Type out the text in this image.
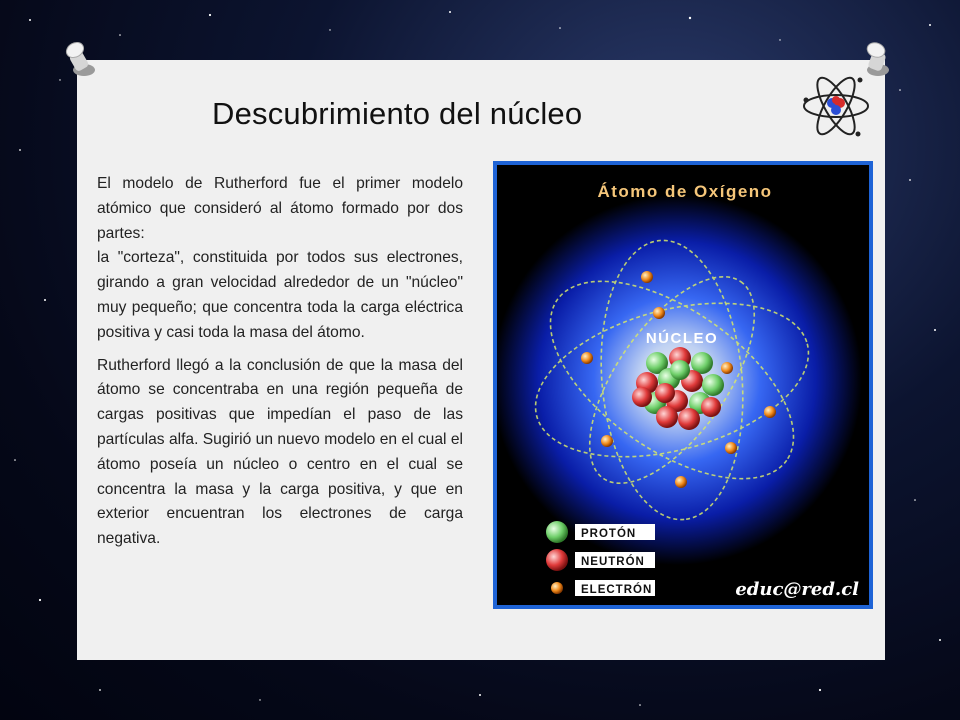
Descubrimiento del núcleo

El modelo de Rutherford fue el primer modelo atómico que consideró al átomo formado por dos partes:

la "corteza", constituida por todos sus electrones, girando a gran velocidad alrededor de un "núcleo" muy pequeño; que concentra toda la carga eléctrica positiva y casi toda la masa del átomo.

Rutherford llegó a la conclusión de que la masa del átomo se concentraba en una región pequeña de cargas positivas que impedían el paso de las partículas alfa. Sugirió un nuevo modelo en el cual el átomo poseía un núcleo o centro en el cual se concentra la masa y la carga positiva, y que en exterior encuentran los electrones de carga negativa.

Átomo de Oxígeno
NÚCLEO
PROTÓN
NEUTRÓN
ELECTRÓN	educ@red.cl
